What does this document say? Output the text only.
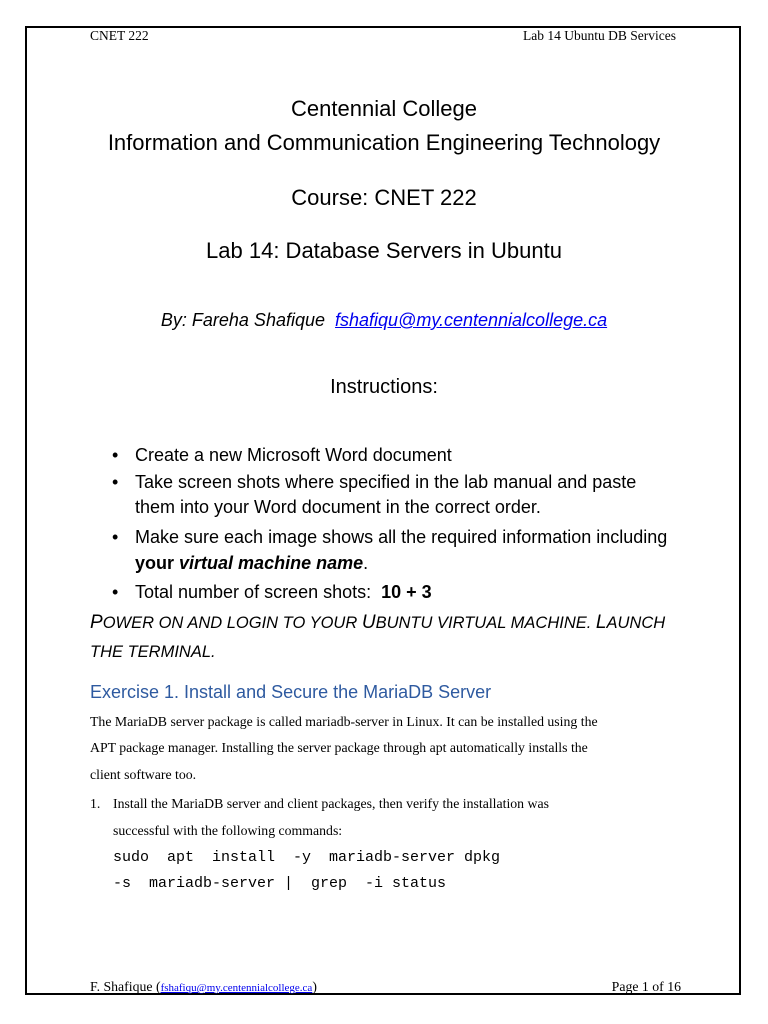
CNET 222	Lab 14 Ubuntu DB Services
Centennial College
Information and Communication Engineering Technology
Course: CNET 222
Lab 14: Database Servers in Ubuntu
By: Fareha Shafique fshafiqu@my.centennialcollege.ca
Instructions:
• Create a new Microsoft Word document
• Take screen shots where specified in the lab manual and paste
them into your Word document in the correct order.
• Make sure each image shows all the required information including
your virtual machine name.
• Total number of screen shots: 10 + 3
POWER ON AND LOGIN TO YOUR UBUNTU VIRTUAL MACHINE. LAUNCH
THE TERMINAL.
Exercise 1. Install and Secure the MariaDB Server
The MariaDB server package is called mariadb-server in Linux. It can be installed using the
APT package manager. Installing the server package through apt automatically installs the
client software too.
1. Install the MariaDB server and client packages, then verify the installation was
successful with the following commands:
sudo  apt  install  -y  mariadb-server dpkg
-s  mariadb-server |  grep  -i status
F. Shafique (fshafiqu@my.centennialcollege.ca)	Page 1 of 16
